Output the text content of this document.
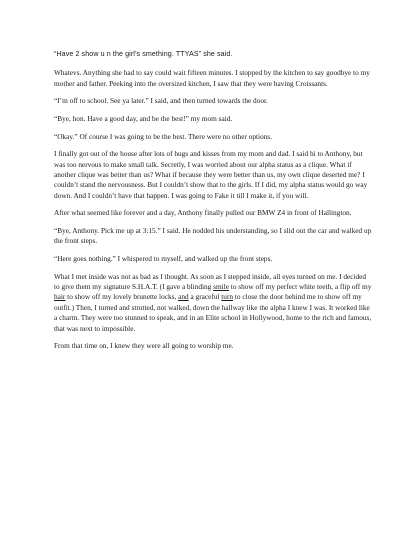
“Have 2 show u n the girl’s smething. TTYAS” she said.

Whatevs. Anything she had to say could wait fifteen minutes. I stopped by the kitchen to say goodbye to my mother and father. Peeking into the oversized kitchen, I saw that they were having Croissants.

“I’m off to school. See ya later.” I said, and then turned towards the door.

“Bye, hon. Have a good day, and be the best!” my mom said.

“Okay.” Of course I was going to be the best. There were no other options.

I finally got out of the house after lots of hugs and kisses from my mom and dad. I said hi to Anthony, but was too nervous to make small talk. Secretly, I was worried about our alpha status as a clique. What if another clique was better than us? What if because they were better than us, my own clique deserted me? I couldn’t stand the nervousness. But I couldn’t show that to the girls. If I did, my alpha status would go way down. And I couldn’t have that happen. I was going to Fake it till I make it, if you will.

After what seemed like forever and a day, Anthony finally pulled our BMW Z4 in front of Hallington.

“Bye, Anthony. Pick me up at 3:15.” I said. He nodded his understanding, so I slid out the car and walked up the front steps.

“Here goes nothing.” I whispered to myself, and walked up the front steps.

What I met inside was not as bad as I thought. As soon as I stepped inside, all eyes turned on me. I decided to give them my signature S.H.A.T. (I gave a blinding smile to show off my perfect white teeth, a flip off my hair to show off my lovely brunette locks, and a graceful turn to close the door behind me to show off my outfit.) Then, I turned and strutted, not walked, down the hallway like the alpha I knew I was. It worked like a charm. They were too stunned to speak, and in an Elite school in Hollywood, home to the rich and famous, that was next to impossible.

From that time on, I knew they were all going to worship me.
